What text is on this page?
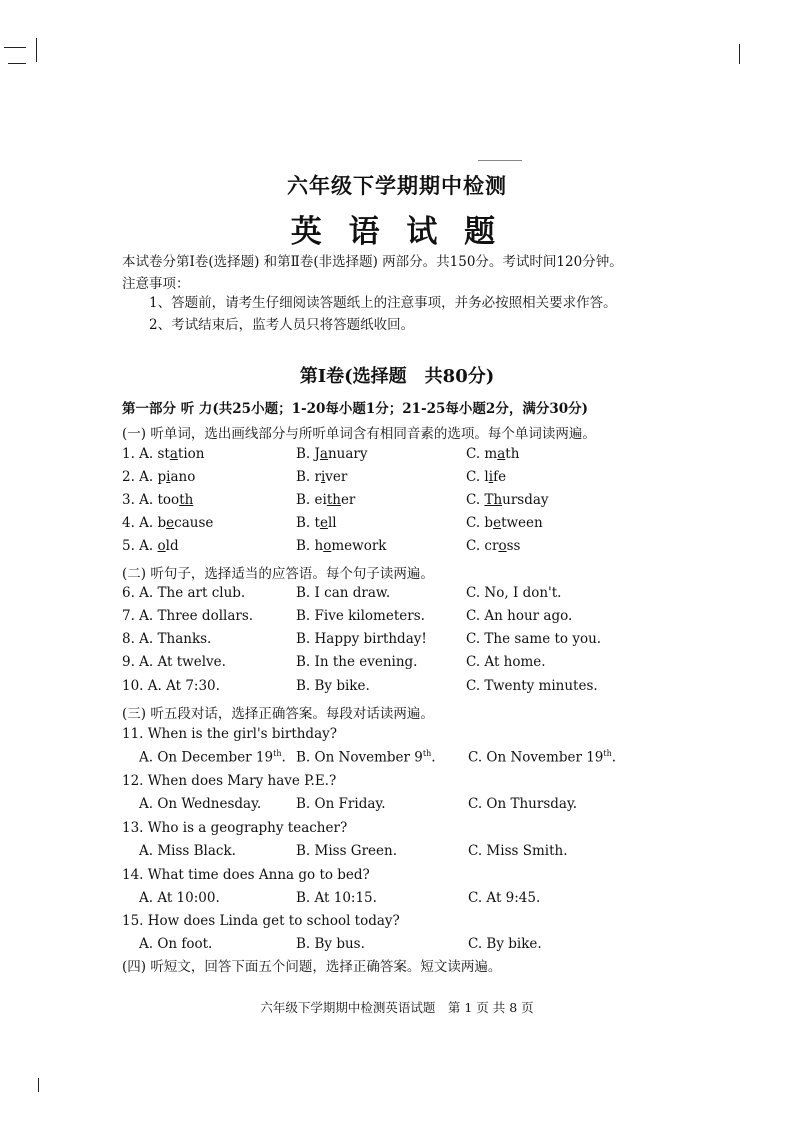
六年级下学期期中检测
英 语 试 题
本试卷分第Ⅰ卷(选择题) 和第Ⅱ卷(非选择题) 两部分。共150分。考试时间120分钟。
注意事项：
　　1、答题前，请考生仔细阅读答题纸上的注意事项，并务必按照相关要求作答。
　　2、考试结束后，监考人员只将答题纸收回。
第Ⅰ卷(选择题　共80分)
第一部分 听 力(共25小题；1-20每小题1分；21-25每小题2分，满分30分)
(一) 听单词，选出画线部分与所听单词含有相同音素的选项。每个单词读两遍。
1. A. station	B. January	C. math
2. A. piano	B. river	C. life
3. A. tooth	B. either	C. Thursday
4. A. because	B. tell	C. between
5. A. old	B. homework	C. cross
(二) 听句子，选择适当的应答语。每个句子读两遍。
6. A. The art club.	B. I can draw.	C. No, I don't.
7. A. Three dollars.	B. Five kilometers.	C. An hour ago.
8. A. Thanks.	B. Happy birthday!	C. The same to you.
9. A. At twelve.	B. In the evening.	C. At home.
10. A. At 7:30.	B. By bike.	C. Twenty minutes.
(三) 听五段对话，选择正确答案。每段对话读两遍。
11. When is the girl's birthday?
A. On December 19th. B. On November 9th. C. On November 19th.
12. When does Mary have P.E.?
A. On Wednesday.	B. On Friday.	C. On Thursday.
13. Who is a geography teacher?
A. Miss Black.	B. Miss Green.	C. Miss Smith.
14. What time does Anna go to bed?
A. At 10:00.	B. At 10:15.	C. At 9:45.
15. How does Linda get to school today?
A. On foot.	B. By bus.	C. By bike.
(四) 听短文，回答下面五个问题，选择正确答案。短文读两遍。
六年级下学期期中检测英语试题　第 1 页 共 8 页
